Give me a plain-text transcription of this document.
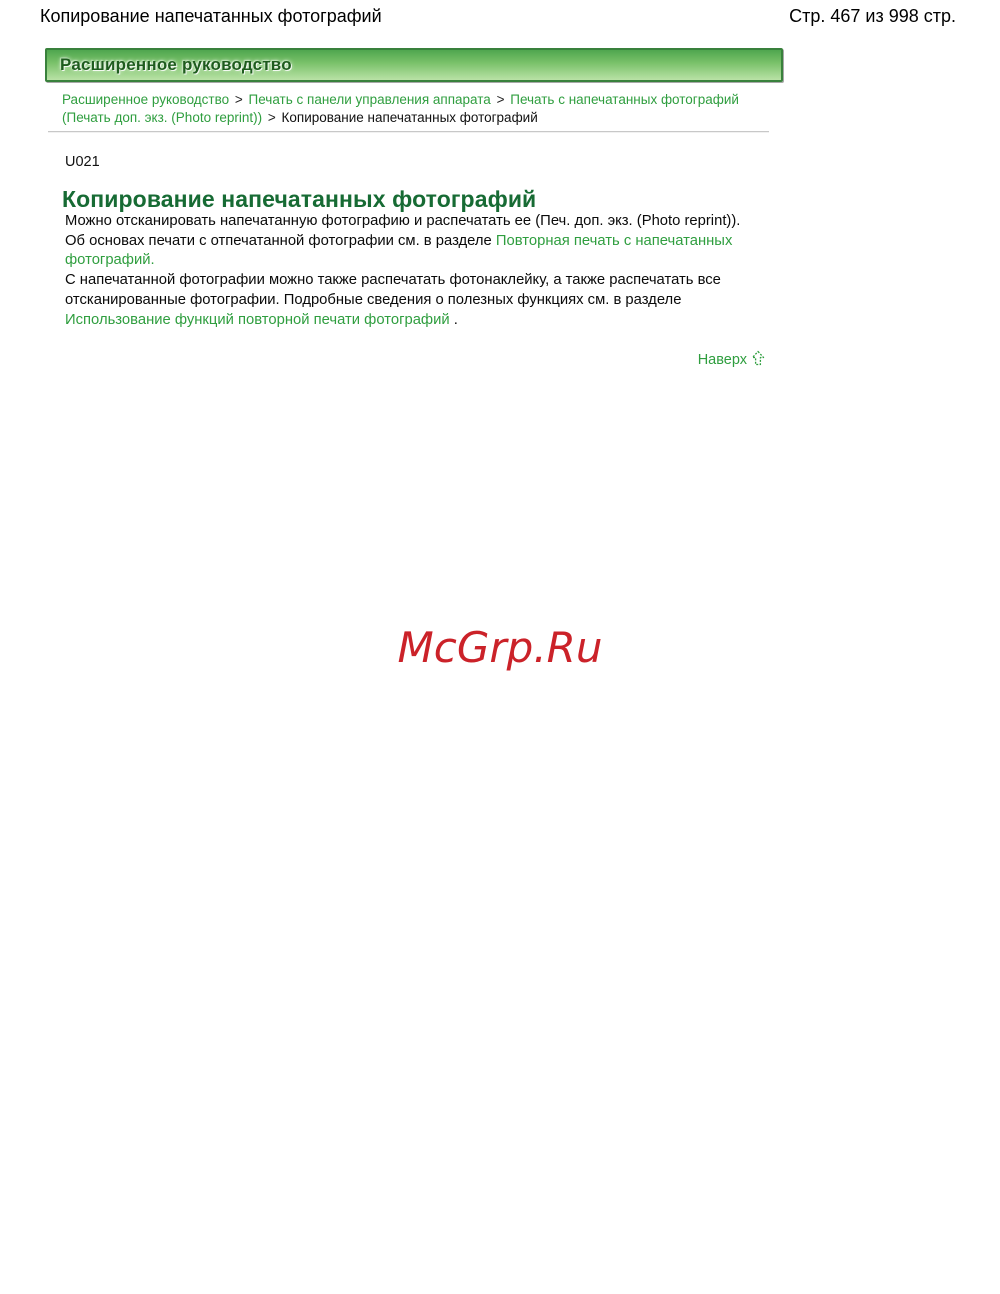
Копирование напечатанных фотографий	Стр. 467 из 998 стр.
Расширенное руководство
Расширенное руководство > Печать с панели управления аппарата > Печать с напечатанных фотографий (Печать доп. экз. (Photo reprint)) > Копирование напечатанных фотографий
U021
Копирование напечатанных фотографий

Можно отсканировать напечатанную фотографию и распечатать ее (Печ. доп. экз. (Photo reprint)).

Об основах печати с отпечатанной фотографии см. в разделе Повторная печать с напечатанных фотографий.

С напечатанной фотографии можно также распечатать фотонаклейку, а также распечатать все отсканированные фотографии. Подробные сведения о полезных функциях см. в разделе Использование функций повторной печати фотографий .

Наверх
McGrp.Ru
